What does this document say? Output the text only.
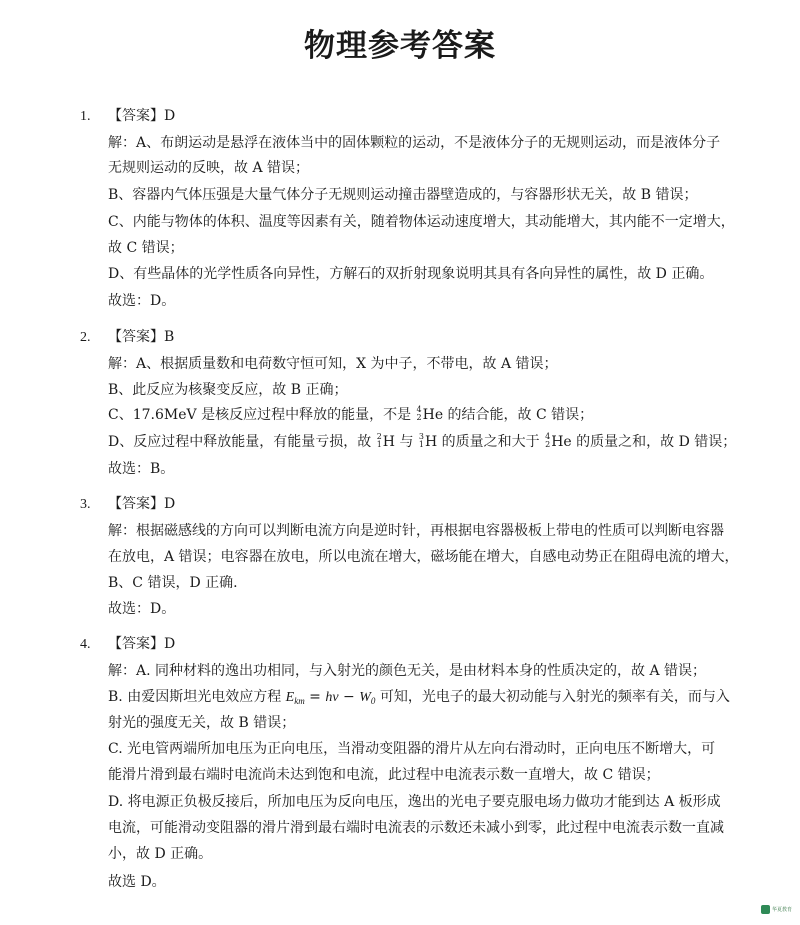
物理参考答案
1. 【答案】D
解：A、布朗运动是悬浮在液体当中的固体颗粒的运动，不是液体分子的无规则运动，而是液体分子
无规则运动的反映，故 A 错误；
B、容器内气体压强是大量气体分子无规则运动撞击器壁造成的，与容器形状无关，故 B 错误；
C、内能与物体的体积、温度等因素有关，随着物体运动速度增大，其动能增大，其内能不一定增大，
故 C 错误；
D、有些晶体的光学性质各向异性，方解石的双折射现象说明其具有各向异性的属性，故 D 正确。
故选：D。
2. 【答案】B
解：A、根据质量数和电荷数守恒可知，X 为中子，不带电，故 A 错误；
B、此反应为核聚变反应，故 B 正确；
C、17.6MeV 是核反应过程中释放的能量，不是 4
2 He 的结合能，故 C 错误；
D、反应过程中释放能量，有能量亏损，故 2
1 H 与 3
1 H 的质量之和大于 4
2 He 的质量之和，故 D 错误；
故选：B。
3. 【答案】D
解：根据磁感线的方向可以判断电流方向是逆时针，再根据电容器极板上带电的性质可以判断电容器
在放电，A 错误；电容器在放电，所以电流在增大，磁场能在增大，自感电动势正在阻碍电流的增大，
B、C 错误，D 正确.
故选：D。
4. 【答案】D
解：A. 同种材料的逸出功相同，与入射光的颜色无关，是由材料本身的性质决定的，故 A 错误；
B. 由爱因斯坦光电效应方程 $E_{km} = h\nu - W_0$ 可知，光电子的最大初动能与入射光的频率有关，而与入
射光的强度无关，故 B 错误；
C. 光电管两端所加电压为正向电压，当滑动变阻器的滑片从左向右滑动时，正向电压不断增大，可
能滑片滑到最右端时电流尚未达到饱和电流，此过程中电流表示数一直增大，故 C 错误；
D. 将电源正负极反接后，所加电压为反向电压，逸出的光电子要克服电场力做功才能到达 A 板形成
电流，可能滑动变阻器的滑片滑到最右端时电流表的示数还未减小到零，此过程中电流表示数一直减
小，故 D 正确。
故选 D。
华夏教育
